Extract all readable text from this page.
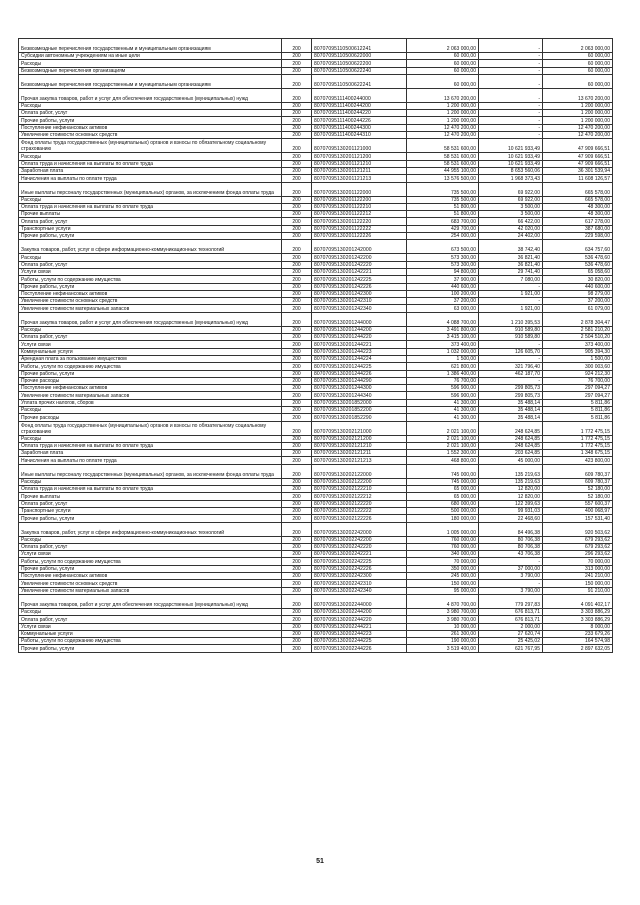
Безвозмездные перечисления государственным и муниципальным организациям	200	80707095110500612241	2 063 000,00	-	2 063 000,00
Субсидии автономным учреждениям на иные цели	200	80707095110500622000	60 000,00	-	60 000,00
Расходы	200	80707095110500622200	60 000,00	-	60 000,00
Безвозмездные перечисления организациям	200	80707095110500622240	60 000,00	-	60 000,00
Безвозмездные перечисления государственным и муниципальным организациям	200	80707095110500622241	60 000,00	-	60 000,00
Прочая закупка товаров, работ и услуг для обеспечения государственных (муниципальных) нужд	200	80707095111400244000	13 670 200,00	-	13 670 200,00
Расходы	200	80707095111400244200	1 200 000,00	-	1 200 000,00
Оплата работ, услуг	200	80707095111400244220	1 200 000,00	-	1 200 000,00
Прочие работы, услуги	200	80707095111400244226	1 200 000,00	-	1 200 000,00
Поступление нефинансовых активов	200	80707095111400244300	12 470 200,00	-	12 470 200,00
Увеличение стоимости основных средств	200	80707095111400244310	12 470 200,00	-	12 470 200,00
Фонд оплаты труда государственных (муниципальных) органов и взносы по обязательному социальному страхованию	200	80707095130201121000	58 531 600,00	10 621 933,49	47 909 666,51
Расходы	200	80707095130201121200	58 531 600,00	10 621 933,49	47 909 666,51
Оплата труда и начисления на выплаты по оплате труда	200	80707095130201121210	58 531 600,00	10 621 933,49	47 909 666,51
Заработная плата	200	80707095130201121211	44 955 100,00	8 653 560,06	36 301 539,94
Начисления на выплаты по оплате труда	200	80707095130201121213	13 576 500,00	1 968 373,43	11 608 126,57
Иные выплаты персоналу государственных (муниципальных) органов, за исключением фонда оплаты труда	200	80707095130201122000	735 500,00	69 922,00	665 578,00
Расходы	200	80707095130201122200	735 500,00	69 922,00	665 578,00
Оплата труда и начисления на выплаты по оплате труда	200	80707095130201122210	51 800,00	3 500,00	48 300,00
Прочие выплаты	200	80707095130201122212	51 800,00	3 500,00	48 300,00
Оплата работ, услуг	200	80707095130201122220	683 700,00	66 422,00	617 278,00
Транспортные услуги	200	80707095130201122222	429 700,00	42 020,00	387 680,00
Прочие работы, услуги	200	80707095130201122226	254 000,00	24 402,00	229 598,00
Закупка товаров, работ, услуг в сфере информационно-коммуникационных технологий	200	80707095130201242000	673 500,00	38 742,40	634 757,60
Расходы	200	80707095130201242200	573 300,00	36 821,40	536 478,60
Оплата работ, услуг	200	80707095130201242220	573 300,00	36 821,40	536 478,60
Услуги связи	200	80707095130201242221	94 800,00	29 741,40	65 058,60
Работы, услуги по содержанию имущества	200	80707095130201242225	37 900,00	7 080,00	30 820,00
Прочие работы, услуги	200	80707095130201242226	440 600,00	-	440 600,00
Поступление нефинансовых активов	200	80707095130201242300	100 200,00	1 921,00	98 279,00
Увеличение стоимости основных средств	200	80707095130201242310	37 200,00	-	37 200,00
Увеличение стоимости материальных запасов	200	80707095130201242340	63 000,00	1 921,00	61 079,00
Прочая закупка товаров, работ и услуг для обеспечения государственных (муниципальных) нужд	200	80707095130201244000	4 088 700,00	1 210 395,53	2 878 304,47
Расходы	200	80707095130201244200	3 491 800,00	910 589,80	2 581 210,20
Оплата работ, услуг	200	80707095130201244220	3 415 100,00	910 589,80	2 504 510,20
Услуги связи	200	80707095130201244221	373 400,00	-	373 400,00
Коммунальные услуги	200	80707095130201244223	1 032 000,00	126 605,70	905 394,30
Арендная плата за пользование имуществом	200	80707095130201244224	1 500,00	-	1 500,00
Работы, услуги по содержанию имущества	200	80707095130201244225	621 800,00	321 796,40	300 003,60
Прочие работы, услуги	200	80707095130201244226	1 386 400,00	462 187,70	924 212,30
Прочие расходы	200	80707095130201244290	76 700,00	-	76 700,00
Поступление нефинансовых активов	200	80707095130201244300	596 900,00	299 805,73	297 094,27
Увеличение стоимости материальных запасов	200	80707095130201244340	596 900,00	299 805,73	297 094,27
Уплата прочих налогов, сборов	200	80707095130201852000	41 300,00	35 488,14	5 811,86
Расходы	200	80707095130201852200	41 300,00	35 488,14	5 811,86
Прочие расходы	200	80707095130201852290	41 300,00	35 488,14	5 811,86
Фонд оплаты труда государственных (муниципальных) органов и взносы по обязательному социальному страхованию	200	80707095130202121000	2 021 100,00	248 624,85	1 772 475,15
Расходы	200	80707095130202121200	2 021 100,00	248 624,85	1 772 475,15
Оплата труда и начисления на выплаты по оплате труда	200	80707095130202121210	2 021 100,00	248 624,85	1 772 475,15
Заработная плата	200	80707095130202121211	1 552 300,00	203 624,85	1 348 675,15
Начисления на выплаты по оплате труда	200	80707095130202121213	468 800,00	45 000,00	423 800,00
Иные выплаты персоналу государственных (муниципальных) органов, за исключением фонда оплаты труда	200	80707095130202122000	745 000,00	135 219,63	609 780,37
Расходы	200	80707095130202122200	745 000,00	135 219,63	609 780,37
Оплата труда и начисления на выплаты по оплате труда	200	80707095130202122210	65 000,00	12 820,00	52 180,00
Прочие выплаты	200	80707095130202122212	65 000,00	12 820,00	52 180,00
Оплата работ, услуг	200	80707095130202122220	680 000,00	122 399,63	557 600,37
Транспортные услуги	200	80707095130202122222	500 000,00	99 931,03	400 068,97
Прочие работы, услуги	200	80707095130202122226	180 000,00	22 468,60	157 531,40
Закупка товаров, работ, услуг в сфере информационно-коммуникационных технологий	200	80707095130202242000	1 005 000,00	84 496,38	920 503,62
Расходы	200	80707095130202242200	760 000,00	80 706,38	679 293,62
Оплата работ, услуг	200	80707095130202242220	760 000,00	80 706,38	679 293,62
Услуги связи	200	80707095130202242221	340 000,00	43 706,38	296 293,62
Работы, услуги по содержанию имущества	200	80707095130202242225	70 000,00	-	70 000,00
Прочие работы, услуги	200	80707095130202242226	350 000,00	37 000,00	313 000,00
Поступление нефинансовых активов	200	80707095130202242300	245 000,00	3 790,00	241 210,00
Увеличение стоимости основных средств	200	80707095130202242310	150 000,00	-	150 000,00
Увеличение стоимости материальных запасов	200	80707095130202242340	95 000,00	3 790,00	91 210,00
Прочая закупка товаров, работ и услуг для обеспечения государственных (муниципальных) нужд	200	80707095130202244000	4 870 700,00	779 297,83	4 091 402,17
Расходы	200	80707095130202244200	3 980 700,00	676 813,71	3 303 886,29
Оплата работ, услуг	200	80707095130202244220	3 980 700,00	676 813,71	3 303 886,29
Услуги связи	200	80707095130202244221	10 000,00	2 000,00	8 000,00
Коммунальные услуги	200	80707095130202244223	261 300,00	27 620,74	233 679,26
Работы, услуги по содержанию имущества	200	80707095130202244225	190 000,00	25 425,02	164 574,98
Прочие работы, услуги	200	80707095130202244226	3 519 400,00	621 767,95	2 897 632,05
51
